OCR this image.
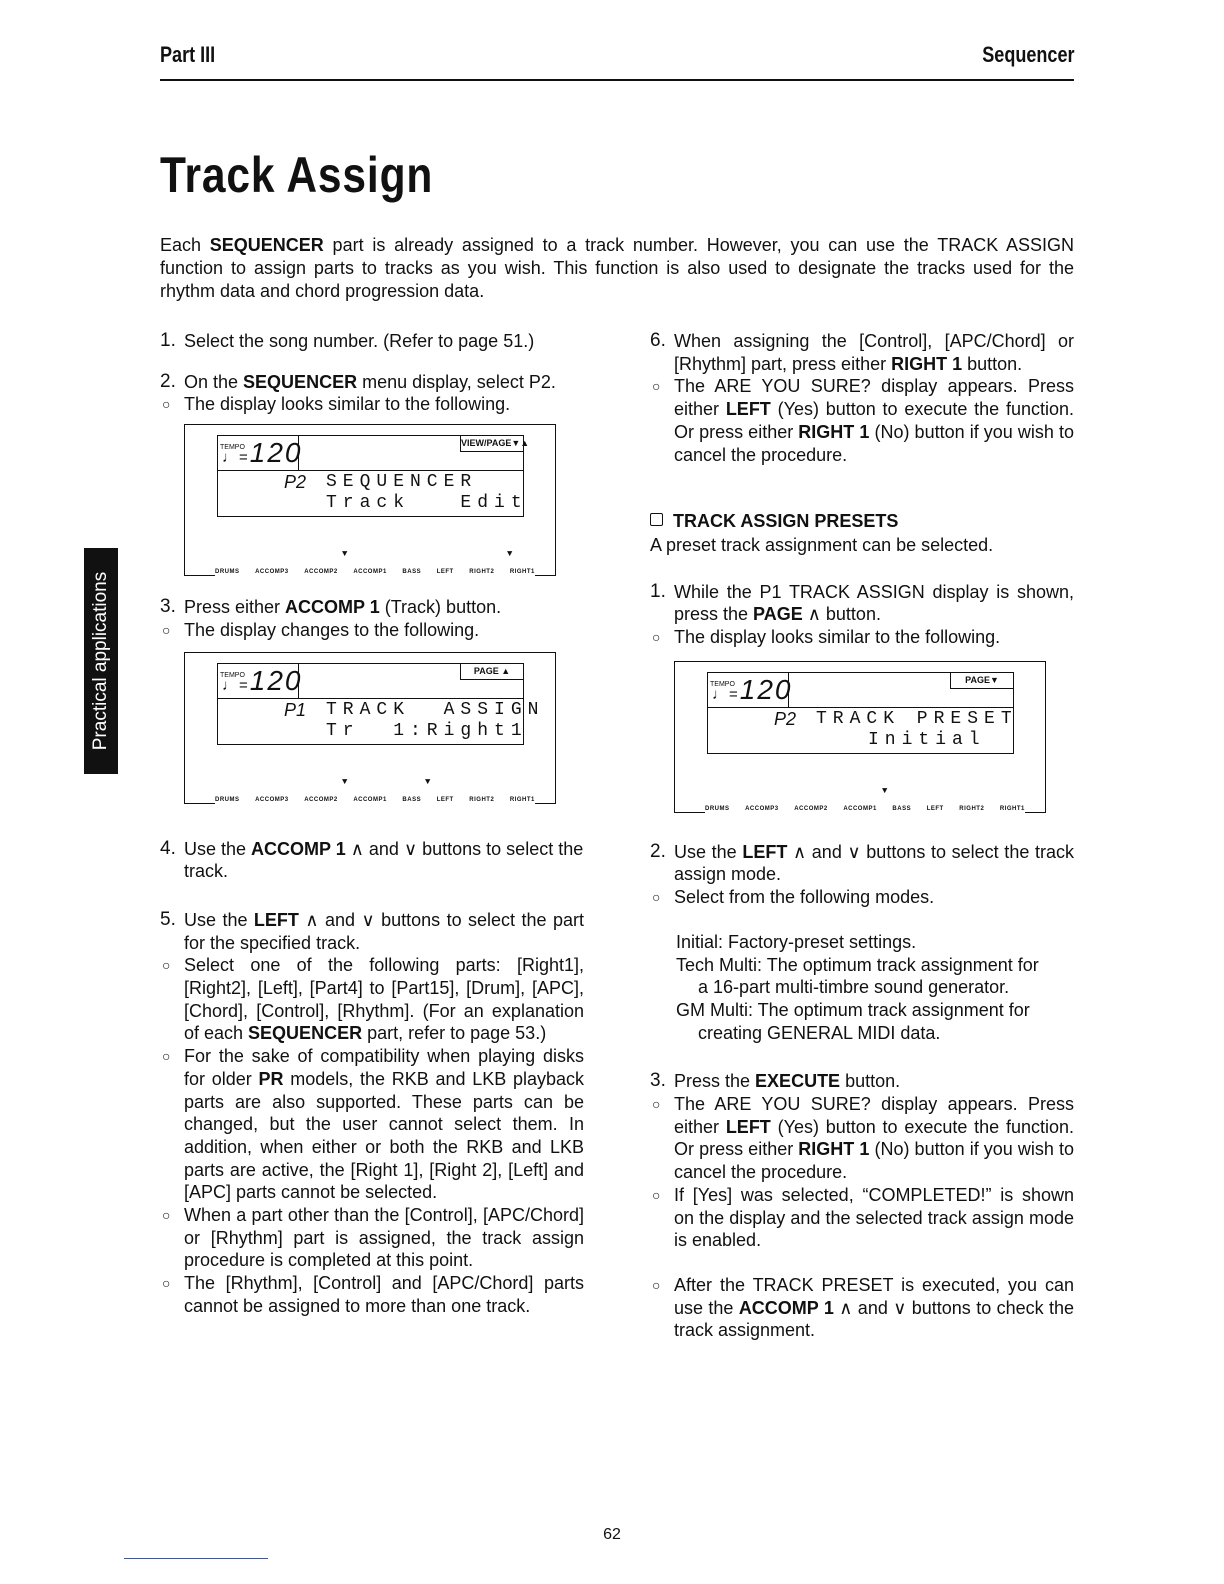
Part III	Sequencer
Track Assign

Each SEQUENCER part is already assigned to a track number. However, you can use the TRACK ASSIGN function to assign parts to tracks as you wish. This function is also used to designate the tracks used for the rhythm data and chord progression data.

Practical applications

1. Select the song number. (Refer to page 51.)

2. On the SEQUENCER menu display, select P2.

○ The display looks similar to the following.

TEMPO
♩=120	VIEW/PAGE▼▲
P2 SEQUENCER
Track   Edit
▼	▼
DRUMS	ACCOMP3	ACCOMP2	ACCOMP1	BASS	LEFT	RIGHT2	RIGHT1

3. Press either ACCOMP 1 (Track) button.

○ The display changes to the following.

TEMPO
♩=120	PAGE ▲
P1 TRACK  ASSIGN
Tr  1:Right1
▼	▼
DRUMS	ACCOMP3	ACCOMP2	ACCOMP1	BASS	LEFT	RIGHT2	RIGHT1

4. Use the ACCOMP 1 ∧ and ∨ buttons to select the track.

5. Use the LEFT ∧ and ∨ buttons to select the part for the specified track.

○ Select one of the following parts: [Right1], [Right2], [Left], [Part4] to [Part15], [Drum], [APC], [Chord], [Control], [Rhythm]. (For an explanation of each SEQUENCER part, refer to page 53.)

○ For the sake of compatibility when playing disks for older PR models, the RKB and LKB playback parts are also supported. These parts can be changed, but the user cannot select them. In addition, when either or both the RKB and LKB parts are active, the [Right 1], [Right 2], [Left] and [APC] parts cannot be selected.

○ When a part other than the [Control], [APC/Chord] or [Rhythm] part is assigned, the track assign procedure is completed at this point.

○ The [Rhythm], [Control] and [APC/Chord] parts cannot be assigned to more than one track.

6. When assigning the [Control], [APC/Chord] or [Rhythm] part, press either RIGHT 1 button.

○ The ARE YOU SURE? display appears. Press either LEFT (Yes) button to execute the function. Or press either RIGHT 1 (No) button if you wish to cancel the procedure.

TRACK ASSIGN PRESETS

A preset track assignment can be selected.

1. While the P1 TRACK ASSIGN display is shown, press the PAGE ∧ button.

○ The display looks similar to the following.

TEMPO
♩=120	PAGE▼
P2 TRACK PRESET
Initial
▼
DRUMS	ACCOMP3	ACCOMP2	ACCOMP1	BASS	LEFT	RIGHT2	RIGHT1

2. Use the LEFT ∧ and ∨ buttons to select the track assign mode.

○ Select from the following modes.

Initial: Factory-preset settings.

Tech Multi: The optimum track assignment for

a 16-part multi-timbre sound generator.

GM Multi: The optimum track assignment for

creating GENERAL MIDI data.

3. Press the EXECUTE button.

○ The ARE YOU SURE? display appears. Press either LEFT (Yes) button to execute the function. Or press either RIGHT 1 (No) button if you wish to cancel the procedure.

○ If [Yes] was selected, “COMPLETED!” is shown on the display and the selected track assign mode is enabled.

○ After the TRACK PRESET is executed, you can use the ACCOMP 1 ∧ and ∨ buttons to check the track assignment.

62
